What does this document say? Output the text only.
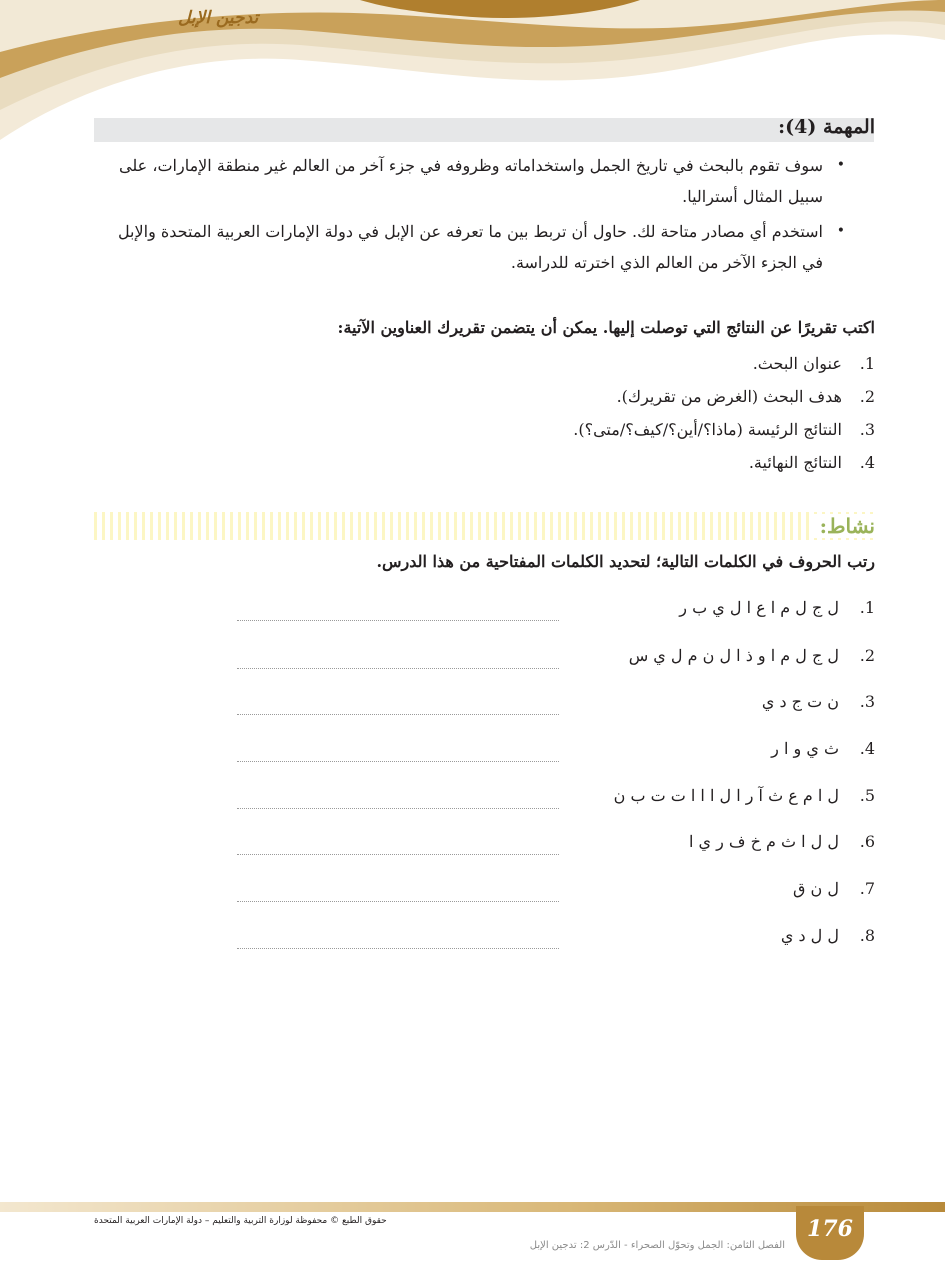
تدجين الإبل
المهمة (4):
•
سوف تقوم بالبحث في تاريخ الجمل واستخداماته وظروفه في جزء آخر من العالم غير منطقة الإمارات، على سبيل المثال أستراليا.
•
استخدم أي مصادر متاحة لك. حاول أن تربط بين ما تعرفه عن الإبل في دولة الإمارات العربية المتحدة والإبل في الجزء الآخر من العالم الذي اخترته للدراسة.
اكتب تقريرًا عن النتائج التي توصلت إليها. يمكن أن يتضمن تقريرك العناوين الآتية:
1. عنوان البحث.
2. هدف البحث (الغرض من تقريرك).
3. النتائج الرئيسة (ماذا؟/أين؟/كيف؟/متى؟).
4. النتائج النهائية.
نشاط:
رتب الحروف في الكلمات التالية؛ لتحديد الكلمات المفتاحية من هذا الدرس.
1.
ل ج ل م ا ع ا ل ي ب ر
2.
ل ج ل م ا و ذ ا ل ن م ل ي س
3.
ن ت ج د ي
4.
ث ي و ا ر
5.
ل ا م ع ث آ ر ا ل ا ا ا ت ت ب ن
6.
ل ل ا ث م خ ف ر ي ا
7.
ل ن ق
8.
ل ل د ي
176
حقوق الطبع © محفوظة لوزارة التربية والتعليم – دولة الإمارات العربية المتحدة
الفصل الثامن: الجمل وتحوّل الصحراء - الدّرس 2: تدجين الإبل
